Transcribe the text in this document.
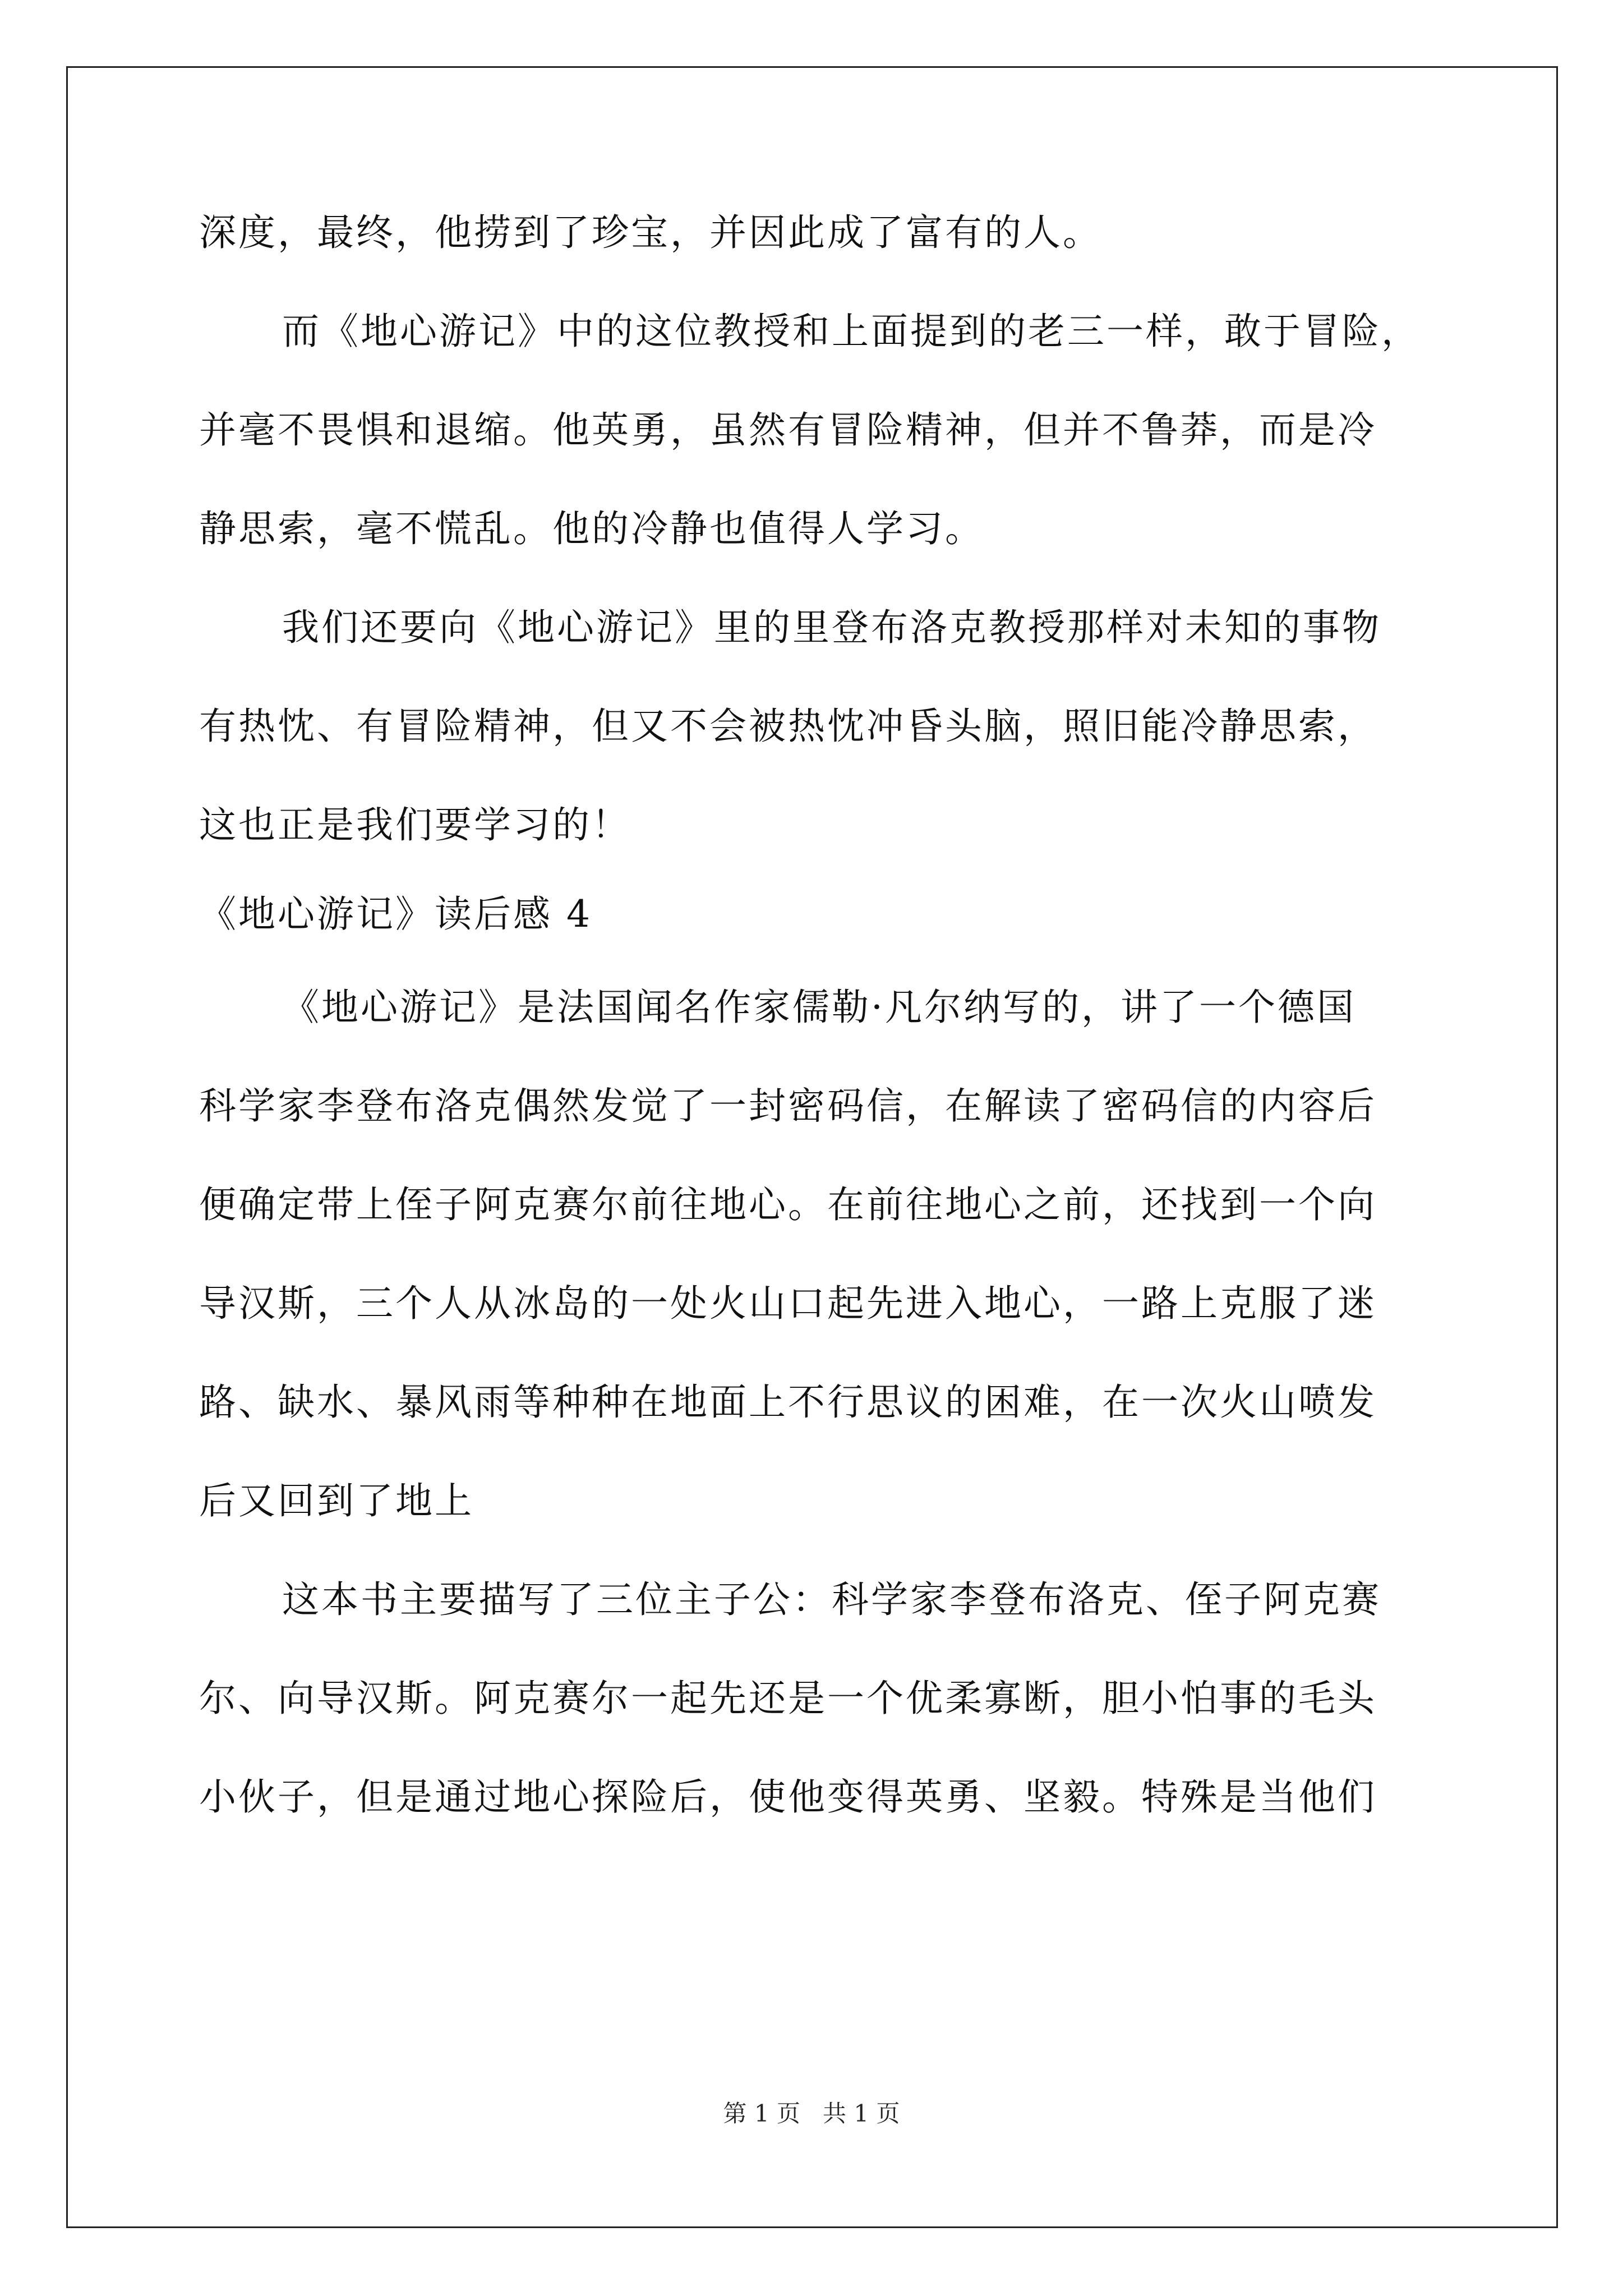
深度，最终，他捞到了珍宝，并因此成了富有的人。
而《地心游记》中的这位教授和上面提到的老三一样，敢于冒险，
并毫不畏惧和退缩。他英勇，虽然有冒险精神，但并不鲁莽，而是冷
静思索，毫不慌乱。他的冷静也值得人学习。
我们还要向《地心游记》里的里登布洛克教授那样对未知的事物
有热忱、有冒险精神，但又不会被热忱冲昏头脑，照旧能冷静思索，
这也正是我们要学习的！
《地心游记》读后感 4
《地心游记》是法国闻名作家儒勒·凡尔纳写的，讲了一个德国
科学家李登布洛克偶然发觉了一封密码信，在解读了密码信的内容后
便确定带上侄子阿克赛尔前往地心。在前往地心之前，还找到一个向
导汉斯，三个人从冰岛的一处火山口起先进入地心，一路上克服了迷
路、缺水、暴风雨等种种在地面上不行思议的困难，在一次火山喷发
后又回到了地上
这本书主要描写了三位主子公：科学家李登布洛克、侄子阿克赛
尔、向导汉斯。阿克赛尔一起先还是一个优柔寡断，胆小怕事的毛头
小伙子，但是通过地心探险后，使他变得英勇、坚毅。特殊是当他们
第 1 页   共 1 页
